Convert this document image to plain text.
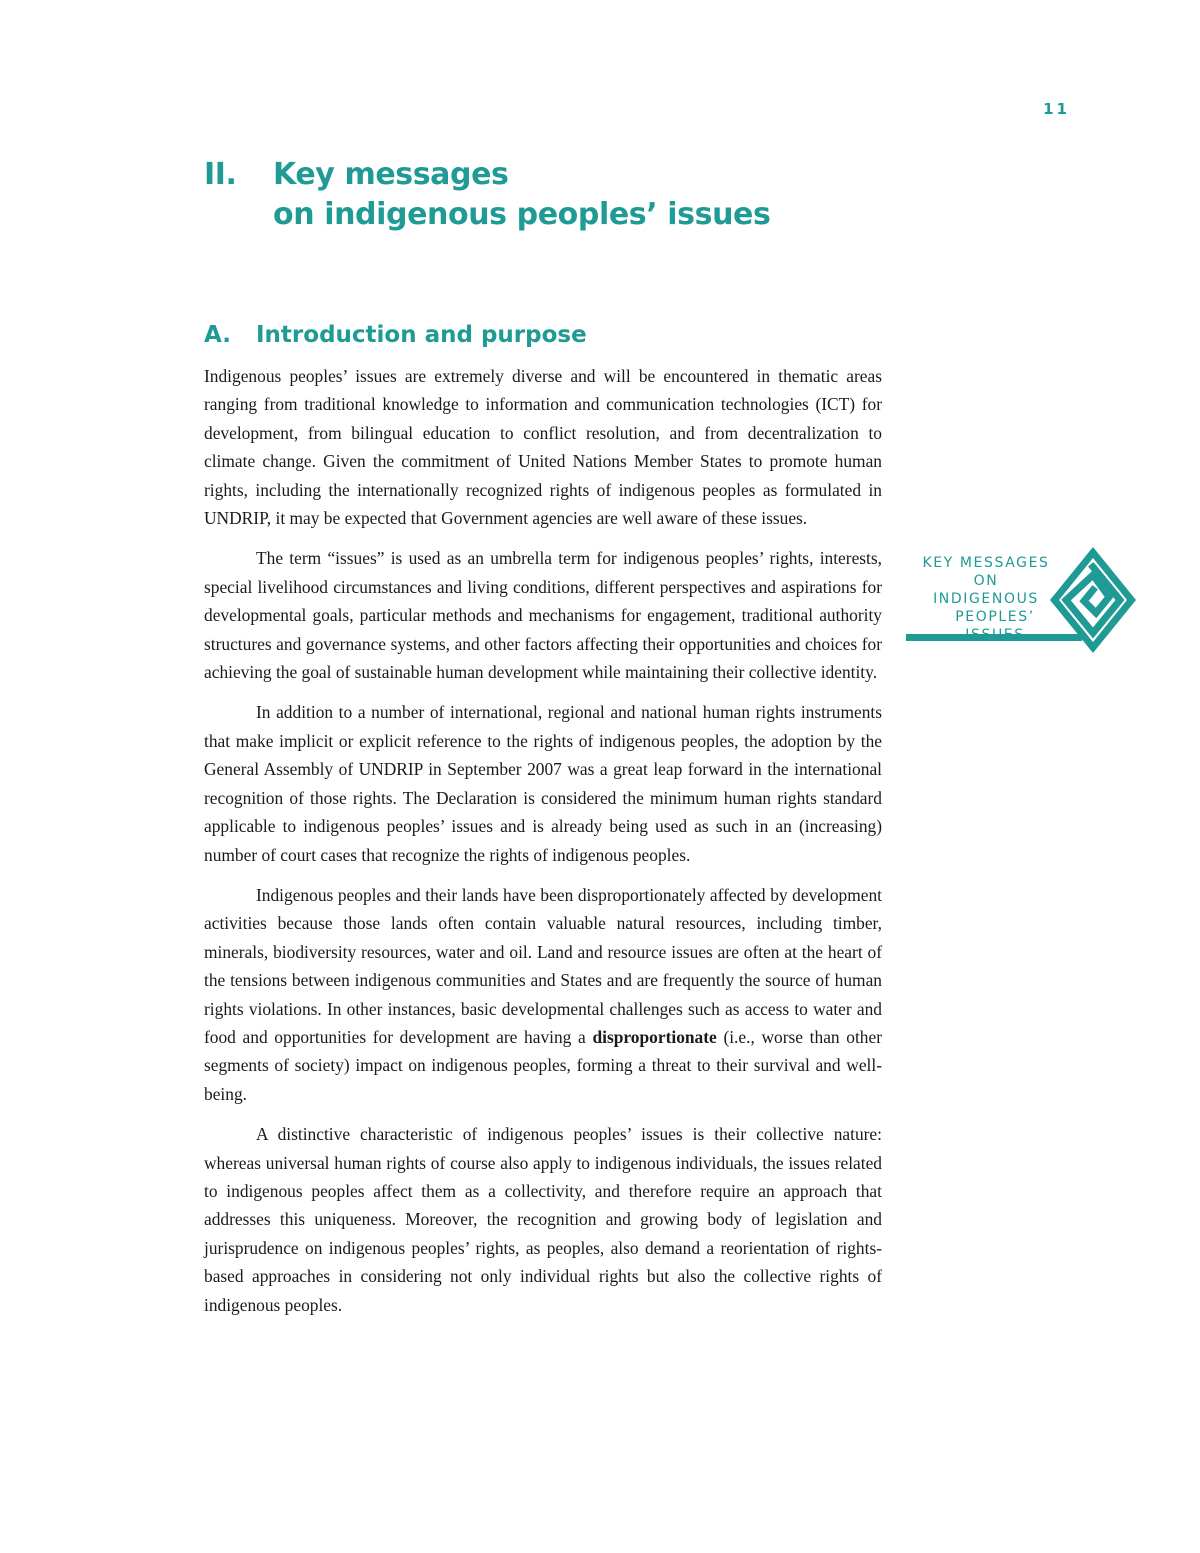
11
II. Key messages
on indigenous peoples’ issues
A. Introduction and purpose

Indigenous peoples’ issues are extremely diverse and will be encountered in thematic areas ranging from traditional knowledge to information and communication technologies (ICT) for development, from bilingual education to conflict resolution, and from decentralization to climate change. Given the commitment of United Nations Member States to promote human rights, including the internationally recognized rights of indigenous peoples as formulated in UNDRIP, it may be expected that Government agencies are well aware of these issues.

The term “issues” is used as an umbrella term for indigenous peoples’ rights, interests, special livelihood circumstances and living conditions, different perspectives and aspirations for developmental goals, particular methods and mechanisms for engagement, traditional authority structures and governance systems, and other factors affecting their opportunities and choices for achieving the goal of sustainable human development while maintaining their collective identity.

In addition to a number of international, regional and national human rights instruments that make implicit or explicit reference to the rights of indigenous peoples, the adoption by the General Assembly of UNDRIP in September 2007 was a great leap forward in the international recognition of those rights. The Declaration is considered the minimum human rights standard applicable to indigenous peoples’ issues and is already being used as such in an (increasing) number of court cases that recognize the rights of indigenous peoples.

Indigenous peoples and their lands have been disproportionately affected by development activities because those lands often contain valuable natural resources, including timber, minerals, biodiversity resources, water and oil. Land and resource issues are often at the heart of the tensions between indigenous communities and States and are frequently the source of human rights violations. In other instances, basic developmental challenges such as access to water and food and opportunities for development are having a disproportionate (i.e., worse than other segments of society) impact on indigenous peoples, forming a threat to their survival and well-being.

A distinctive characteristic of indigenous peoples’ issues is their collective nature: whereas universal human rights of course also apply to indigenous individuals, the issues related to indigenous peoples affect them as a collectivity, and therefore require an approach that addresses this uniqueness. Moreover, the recognition and growing body of legislation and jurisprudence on indigenous peoples’ rights, as peoples, also demand a reorientation of rights-based approaches in considering not only individual rights but also the collective rights of indigenous peoples.

KEY MESSAGES
ON
INDIGENOUS
PEOPLES’
